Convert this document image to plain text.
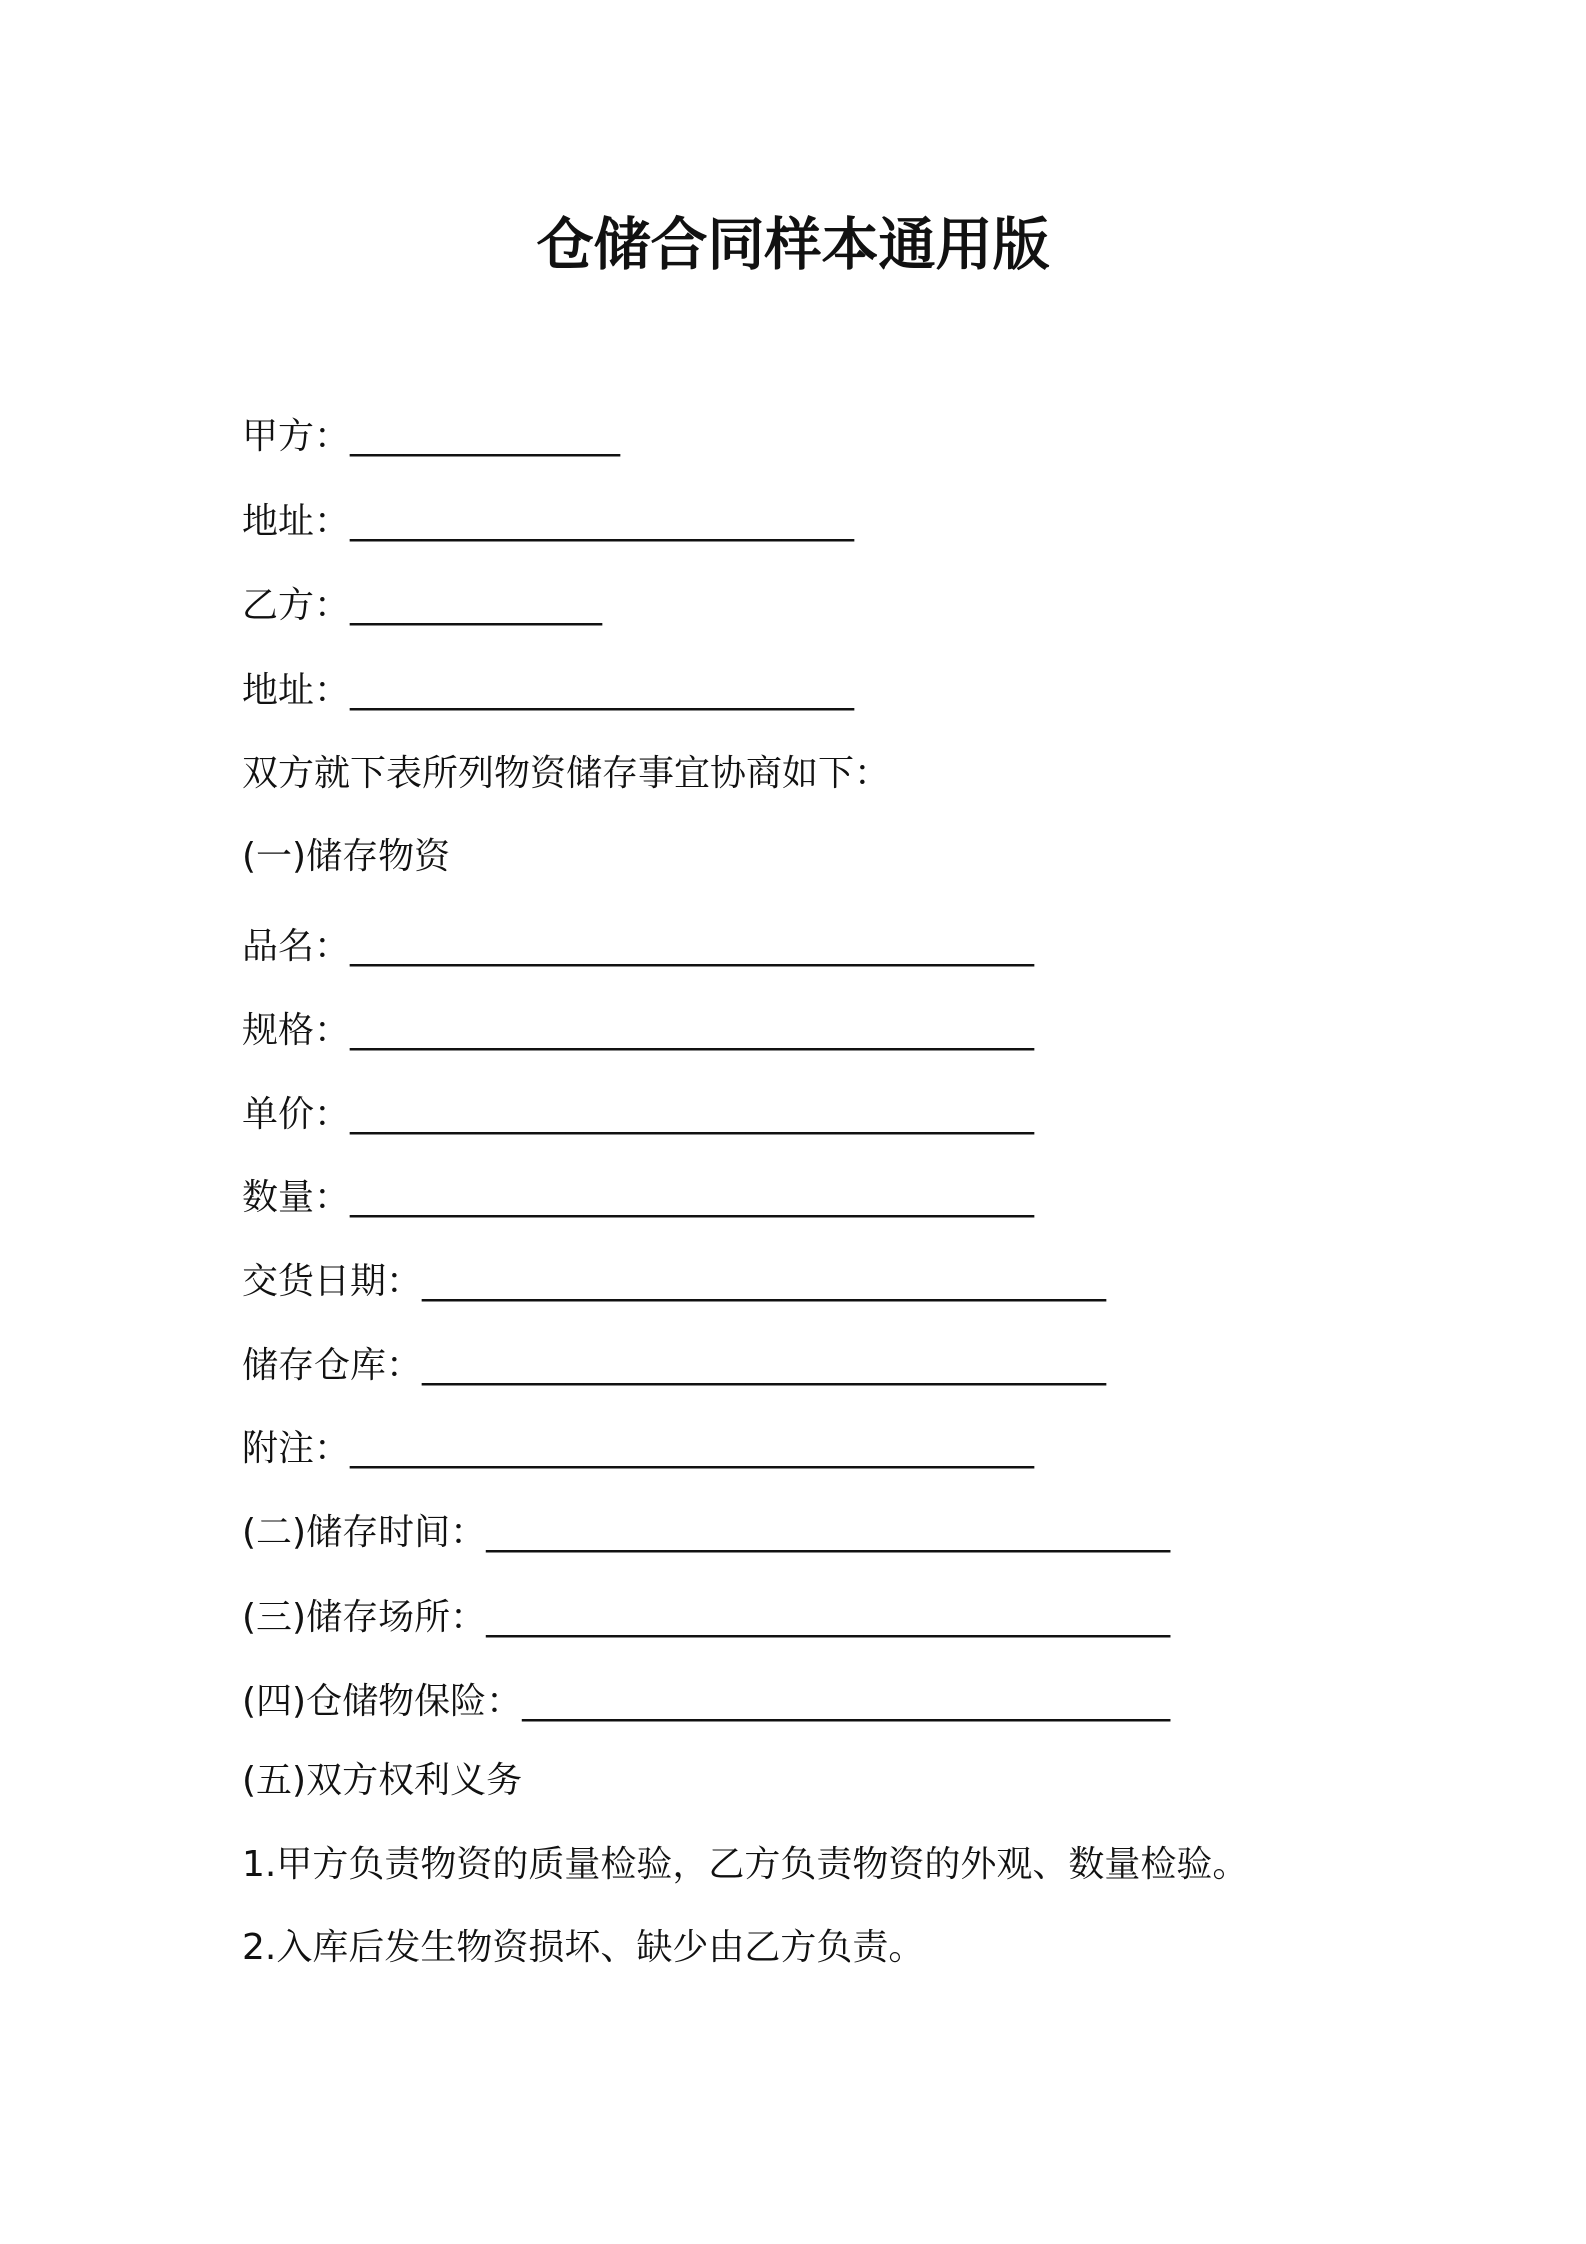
仓储合同样本通用版
甲方：_______________
地址：____________________________
乙方：______________
地址：____________________________
双方就下表所列物资储存事宜协商如下：
(一)储存物资
品名：______________________________________
规格：______________________________________
单价：______________________________________
数量：______________________________________
交货日期：______________________________________
储存仓库：______________________________________
附注：______________________________________
(二)储存时间：______________________________________
(三)储存场所：______________________________________
(四)仓储物保险：____________________________________
(五)双方权利义务
1.甲方负责物资的质量检验，乙方负责物资的外观、数量检验。
2.入库后发生物资损坏、缺少由乙方负责。
